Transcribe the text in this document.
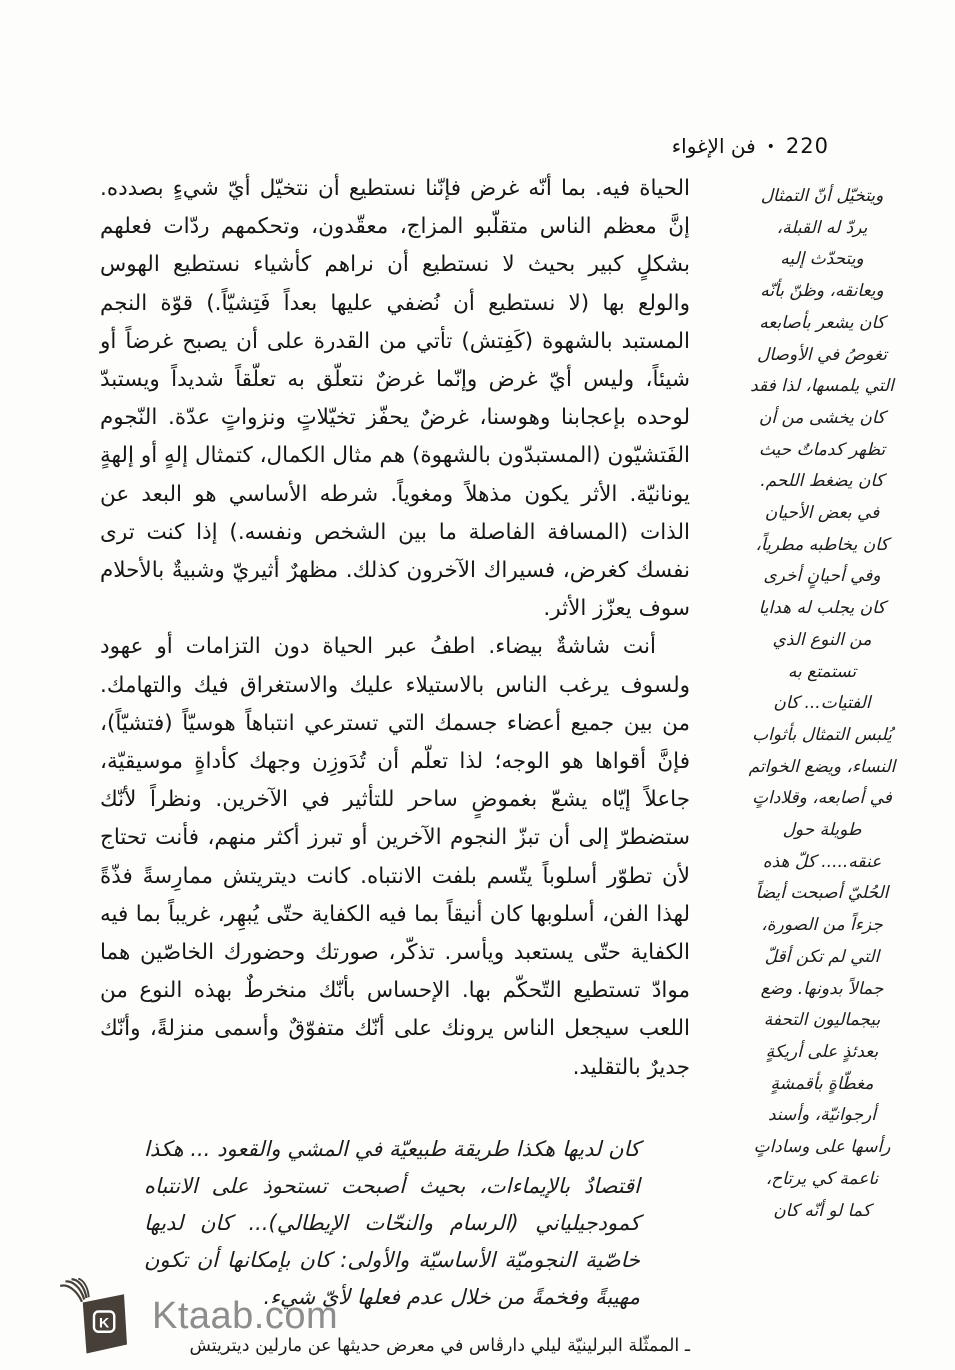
220
•
فن الإغواء
ويتخيّل أنّ التمثال
يردّ له القبلة،
ويتحدّث إليه
ويعانقه، وظنّ بأنّه
كان يشعر بأصابعه
تغوصُ في الأوصال
التي يلمسها، لذا فقد
كان يخشى من أن
تظهر كدماتٌ حيث
كان يضغط اللحم.
في بعض الأحيان
كان يخاطبه مطرياً،
وفي أحيانٍ أخرى
كان يجلب له هدايا
من النوع الذي
تستمتع به
الفتيات... كان
يُلبس التمثال بأثواب
النساء، ويضع الخواتم
في أصابعه، وقلاداتٍ
طويلة حول
عنقه..... كلّ هذه
الحُليّ أصبحت أيضاً
جزءاً من الصورة،
التي لم تكن أقلّ
جمالاً بدونها. وضع
بيجماليون التحفة
بعدئذٍ على أريكةٍ
مغطّاةٍ بأقمشةٍ
أرجوانيّة، وأسند
رأسها على وساداتٍ
ناعمة كي يرتاح،
كما لو أنّه كان

الحياة فيه. بما أنّه غرض فإنّنا نستطيع أن نتخيّل أيّ شيءٍ بصدده. إنَّ معظم الناس متقلّبو المزاج، معقّدون، وتحكمهم ردّات فعلهم بشكلٍ كبير بحيث لا نستطيع أن نراهم كأشياء نستطيع الهوس والولع بها (لا نستطيع أن نُضفي عليها بعداً فَتِشيّاً.) قوّة النجم المستبد بالشهوة (كَفِتش) تأتي من القدرة على أن يصبح غرضاً أو شيئاً، وليس أيّ غرض وإنّما غرضٌ نتعلّق به تعلّقاً شديداً ويستبدّ لوحده بإعجابنا وهوسنا، غرضٌ يحفّز تخيّلاتٍ ونزواتٍ عدّة. النّجوم الفَتشيّون (المستبدّون بالشهوة) هم مثال الكمال، كتمثال إلهٍ أو إلهةٍ يونانيّة. الأثر يكون مذهلاً ومغوياً. شرطه الأساسي هو البعد عن الذات (المسافة الفاصلة ما بين الشخص ونفسه.) إذا كنت ترى نفسك كغرض، فسيراك الآخرون كذلك. مظهرٌ أثيريّ وشبيةٌ بالأحلام سوف يعزّز الأثر.

أنت شاشةٌ بيضاء. اطفُ عبر الحياة دون التزامات أو عهود ولسوف يرغب الناس بالاستيلاء عليك والاستغراق فيك والتهامك. من بين جميع أعضاء جسمك التي تسترعي انتباهاً هوسيّاً (فتشيّاً)، فإنَّ أقواها هو الوجه؛ لذا تعلّم أن تُدَوزِن وجهك كأداةٍ موسيقيّة، جاعلاً إيّاه يشعّ بغموضٍ ساحر للتأثير في الآخرين. ونظراً لأنّك ستضطرّ إلى أن تبزّ النجوم الآخرين أو تبرز أكثر منهم، فأنت تحتاج لأن تطوّر أسلوباً يتّسم بلفت الانتباه. كانت ديتريتش ممارِسةً فذّةً لهذا الفن، أسلوبها كان أنيقاً بما فيه الكفاية حتّى يُبهِر، غريباً بما فيه الكفاية حتّى يستعبد ويأسر. تذكّر، صورتك وحضورك الخاصّين هما موادّ تستطيع التّحكّم بها. الإحساس بأنّك منخرطٌ بهذه النوع من اللعب سيجعل الناس يرونك على أنّك متفوّقٌ وأسمى منزلةً، وأنّك جديرٌ بالتقليد.

كان لديها هكذا طريقة طبيعيّة في المشي والقعود ... هكذا اقتصادٌ بالإيماءات، بحيث أصبحت تستحوذ على الانتباه كمودجيلياني (الرسام والنحّات الإيطالي)... كان لديها خاصّية النجوميّة الأساسيّة والأولى: كان بإمكانها أن تكون مهيبةً وفخمةً من خلال عدم فعلها لأيّ شيء.
ـ الممثّلة البرلينيّة ليلي دارڤاس في معرض حديثها عن مارلين ديتريتش
K Ktaab.com
